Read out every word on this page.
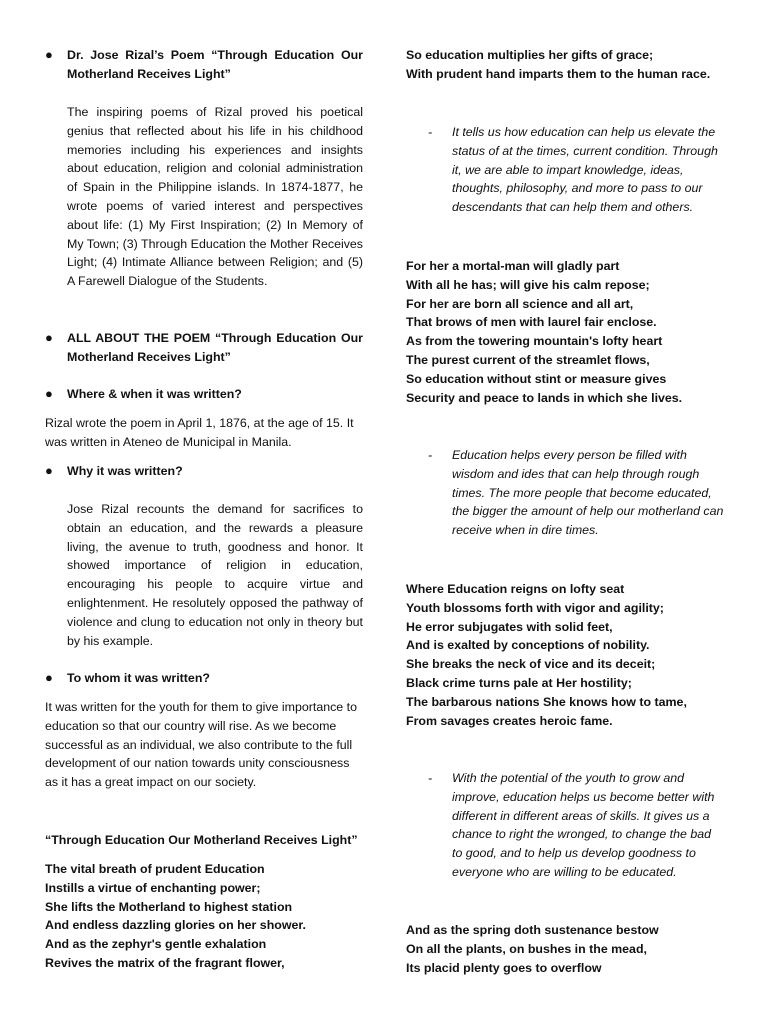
● Dr. Jose Rizal’s Poem “Through Education Our Motherland Receives Light”
The inspiring poems of Rizal proved his poetical genius that reflected about his life in his childhood memories including his experiences and insights about education, religion and colonial administration of Spain in the Philippine islands. In 1874-1877, he wrote poems of varied interest and perspectives about life: (1) My First Inspiration; (2) In Memory of My Town; (3) Through Education the Mother Receives Light; (4) Intimate Alliance between Religion; and (5) A Farewell Dialogue of the Students.
● ALL ABOUT THE POEM “Through Education Our Motherland Receives Light”
● Where & when it was written?
Rizal wrote the poem in April 1, 1876, at the age of 15. It was written in Ateneo de Municipal in Manila.
● Why it was written?
Jose Rizal recounts the demand for sacrifices to obtain an education, and the rewards a pleasure living, the avenue to truth, goodness and honor. It showed importance of religion in education, encouraging his people to acquire virtue and enlightenment. He resolutely opposed the pathway of violence and clung to education not only in theory but by his example.
● To whom it was written?
It was written for the youth for them to give importance to education so that our country will rise. As we become successful as an individual, we also contribute to the full development of our nation towards unity consciousness as it has a great impact on our society.
“Through Education Our Motherland Receives Light”
The vital breath of prudent Education
Instills a virtue of enchanting power;
She lifts the Motherland to highest station
And endless dazzling glories on her shower.
And as the zephyr's gentle exhalation
Revives the matrix of the fragrant flower,
So education multiplies her gifts of grace;
With prudent hand imparts them to the human race.
- It tells us how education can help us elevate the status of at the times, current condition. Through it, we are able to impart knowledge, ideas, thoughts, philosophy, and more to pass to our descendants that can help them and others.
For her a mortal-man will gladly part
With all he has; will give his calm repose;
For her are born all science and all art,
That brows of men with laurel fair enclose.
As from the towering mountain's lofty heart
The purest current of the streamlet flows,
So education without stint or measure gives
Security and peace to lands in which she lives.
- Education helps every person be filled with wisdom and ides that can help through rough times. The more people that become educated, the bigger the amount of help our motherland can receive when in dire times.
Where Education reigns on lofty seat
Youth blossoms forth with vigor and agility;
He error subjugates with solid feet,
And is exalted by conceptions of nobility.
She breaks the neck of vice and its deceit;
Black crime turns pale at Her hostility;
The barbarous nations She knows how to tame,
From savages creates heroic fame.
- With the potential of the youth to grow and improve, education helps us become better with different in different areas of skills. It gives us a chance to right the wronged, to change the bad to good, and to help us develop goodness to everyone who are willing to be educated.
And as the spring doth sustenance bestow
On all the plants, on bushes in the mead,
Its placid plenty goes to overflow
